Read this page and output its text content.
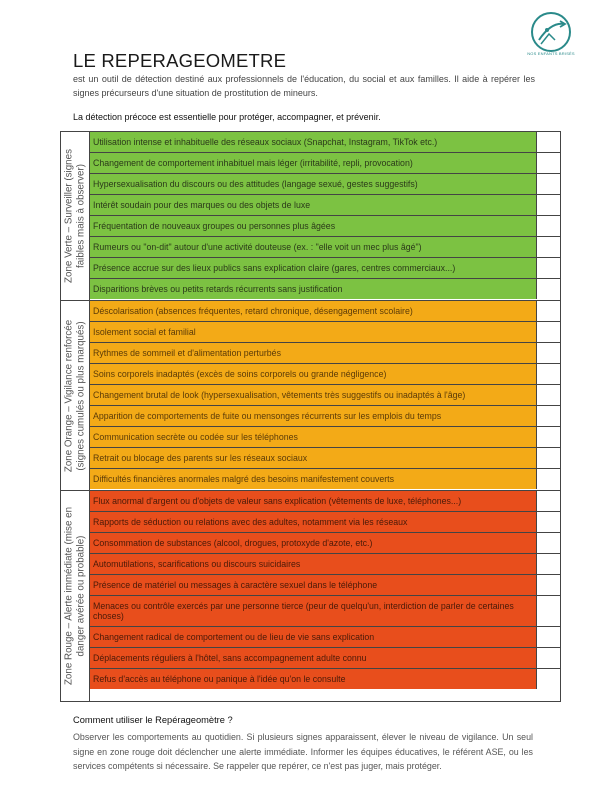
NOS ENFANTS BRISÉS
LE REPERAGEOMETRE
est un outil de détection destiné aux professionnels de l'éducation, du social et aux familles. Il aide à repérer les signes précurseurs d'une situation de prostitution de mineurs.
La détection précoce est essentielle pour protéger, accompagner, et prévenir.
Zone Verte – Surveiller (signes faibles mais à observer)
Utilisation intense et inhabituelle des réseaux sociaux (Snapchat, Instagram, TikTok etc.)
Changement de comportement inhabituel mais léger (irritabilité, repli, provocation)
Hypersexualisation du discours ou des attitudes (langage sexué, gestes suggestifs)
Intérêt soudain pour des marques ou des objets de luxe
Fréquentation de nouveaux groupes ou personnes plus âgées
Rumeurs ou "on-dit" autour d'une activité douteuse (ex. : "elle voit un mec plus âgé")
Présence accrue sur des lieux publics sans explication claire (gares, centres commerciaux...)
Disparitions brèves ou petits retards récurrents sans justification
Zone Orange – Vigilance renforcée (signes cumulés ou plus marqués)
Déscolarisation (absences fréquentes, retard chronique, désengagement scolaire)
Isolement social et familial
Rythmes de sommeil et d'alimentation perturbés
Soins corporels inadaptés (excès de soins corporels ou grande négligence)
Changement brutal de look (hypersexualisation, vêtements très suggestifs ou inadaptés à l'âge)
Apparition de comportements de fuite ou mensonges récurrents sur les emplois du temps
Communication secrète ou codée sur les téléphones
Retrait ou blocage des parents sur les réseaux sociaux
Difficultés financières anormales malgré des besoins manifestement couverts
Zone Rouge – Alerte immédiate (mise en danger avérée ou probable)
Flux anormal d'argent ou d'objets de valeur sans explication (vêtements de luxe, téléphones...)
Rapports de séduction ou relations avec des adultes, notamment via les réseaux
Consommation de substances (alcool, drogues, protoxyde d'azote, etc.)
Automutilations, scarifications ou discours suicidaires
Présence de matériel ou messages à caractère sexuel dans le téléphone
Menaces ou contrôle exercés par une personne tierce (peur de quelqu'un, interdiction de parler de certaines choses)
Changement radical de comportement ou de lieu de vie sans explication
Déplacements réguliers à l'hôtel, sans accompagnement adulte connu
Refus d'accès au téléphone ou panique à l'idée qu'on le consulte
Comment utiliser le Repérageomètre ?
Observer les comportements au quotidien. Si plusieurs signes apparaissent, élever le niveau de vigilance. Un seul signe en zone rouge doit déclencher une alerte immédiate. Informer les équipes éducatives, le référent ASE, ou les services compétents si nécessaire. Se rappeler que repérer, ce n'est pas juger, mais protéger.
